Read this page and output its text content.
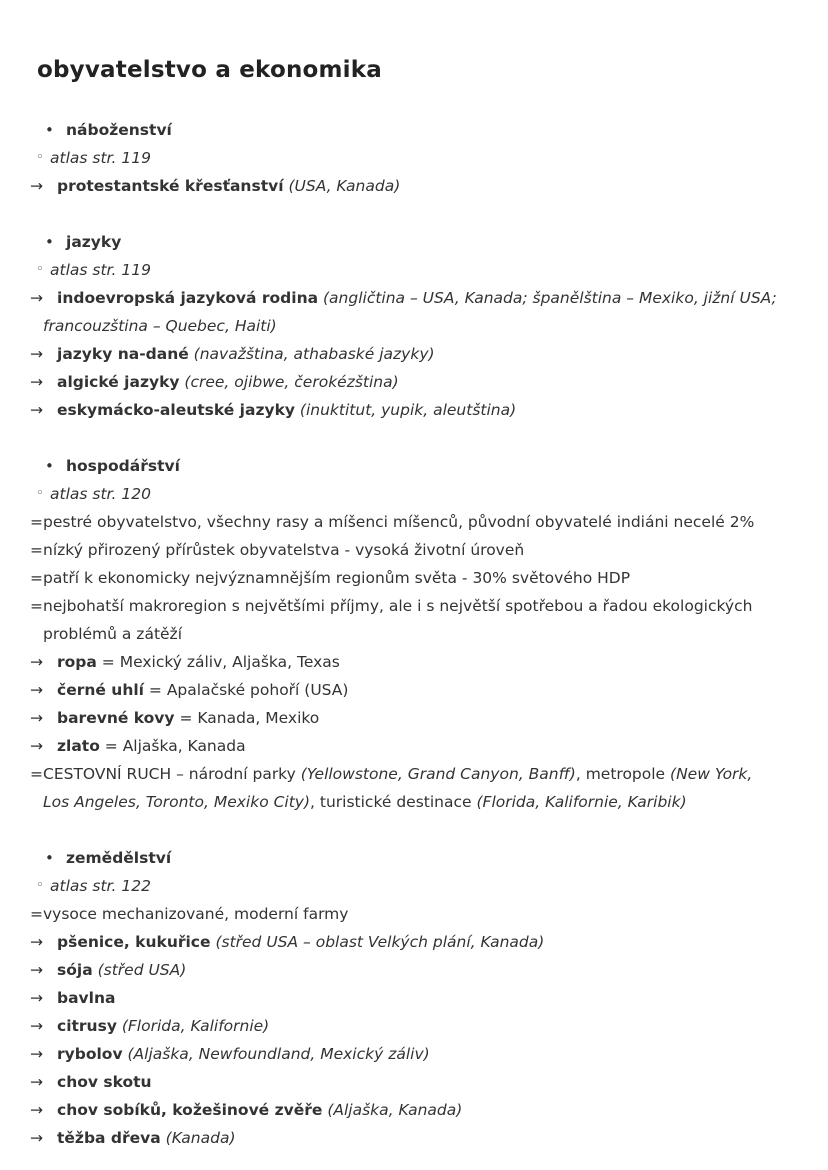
obyvatelstvo a ekonomika
• náboženství
◦ atlas str. 119
→ protestantské křesťanství (USA, Kanada)
• jazyky
◦ atlas str. 119
→ indoevropská jazyková rodina (angličtina – USA, Kanada; španělština – Mexiko, jižní USA;
francouzština – Quebec, Haiti)
→ jazyky na-dané (navažština, athabaské jazyky)
→ algické jazyky (cree, ojibwe, čerokézština)
→ eskymácko-aleutské jazyky (inuktitut, yupik, aleutština)
• hospodářství
◦ atlas str. 120
= pestré obyvatelstvo, všechny rasy a míšenci míšenců, původní obyvatelé indiáni necelé 2%
= nízký přirozený přírůstek obyvatelstva - vysoká životní úroveň
= patří k ekonomicky nejvýznamnějším regionům světa - 30% světového HDP
= nejbohatší makroregion s největšími příjmy, ale i s největší spotřebou a řadou ekologických
problémů a zátěží
→ ropa = Mexický záliv, Aljaška, Texas
→ černé uhlí = Apalačské pohoří (USA)
→ barevné kovy = Kanada, Mexiko
→ zlato = Aljaška, Kanada
= CESTOVNÍ RUCH – národní parky (Yellowstone, Grand Canyon, Banff), metropole (New York,
Los Angeles, Toronto, Mexiko City), turistické destinace (Florida, Kalifornie, Karibik)
• zemědělství
◦ atlas str. 122
= vysoce mechanizované, moderní farmy
→ pšenice, kukuřice (střed USA – oblast Velkých plání, Kanada)
→ sója (střed USA)
→ bavlna
→ citrusy (Florida, Kalifornie)
→ rybolov (Aljaška, Newfoundland, Mexický záliv)
→ chov skotu
→ chov sobíků, kožešinové zvěře (Aljaška, Kanada)
→ těžba dřeva (Kanada)
